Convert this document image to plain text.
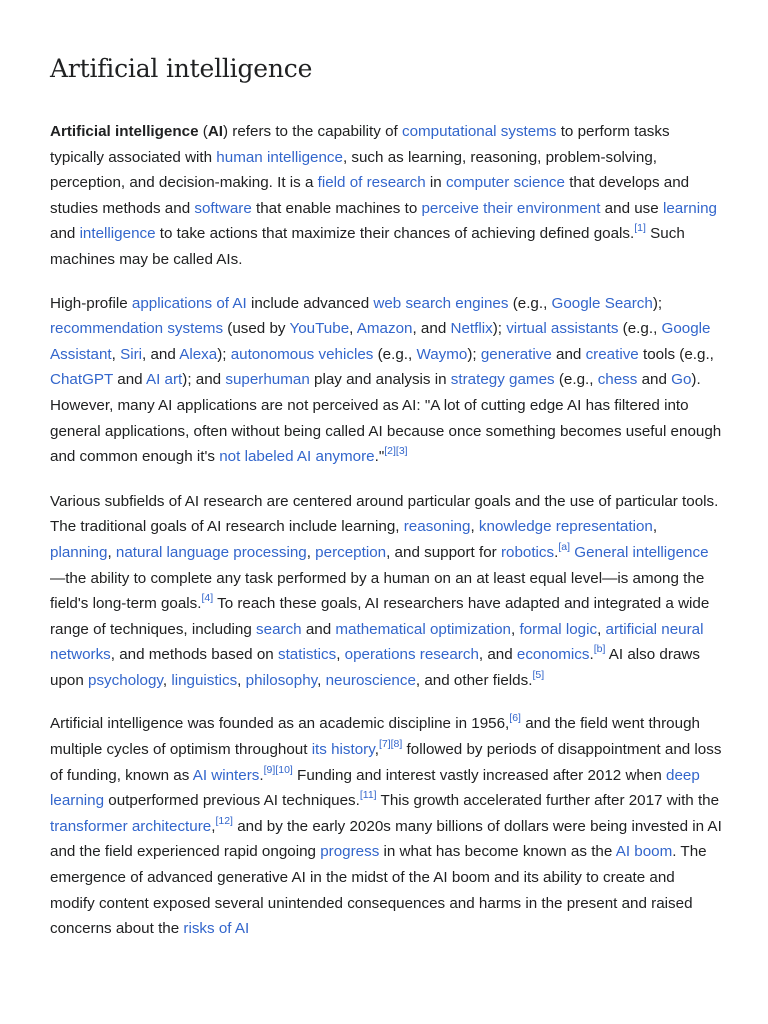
Artificial intelligence

Artificial intelligence (AI) refers to the capability of computational systems to perform tasks typically associated with human intelligence, such as learning, reasoning, problem-solving, perception, and decision-making. It is a field of research in computer science that develops and studies methods and software that enable machines to perceive their environment and use learning and intelligence to take actions that maximize their chances of achieving defined goals.[1] Such machines may be called AIs.

High-profile applications of AI include advanced web search engines (e.g., Google Search); recommendation systems (used by YouTube, Amazon, and Netflix); virtual assistants (e.g., Google Assistant, Siri, and Alexa); autonomous vehicles (e.g., Waymo); generative and creative tools (e.g., ChatGPT and AI art); and superhuman play and analysis in strategy games (e.g., chess and Go). However, many AI applications are not perceived as AI: "A lot of cutting edge AI has filtered into general applications, often without being called AI because once something becomes useful enough and common enough it's not labeled AI anymore."[2][3]

Various subfields of AI research are centered around particular goals and the use of particular tools. The traditional goals of AI research include learning, reasoning, knowledge representation, planning, natural language processing, perception, and support for robotics.[a] General intelligence—the ability to complete any task performed by a human on an at least equal level—is among the field's long-term goals.[4] To reach these goals, AI researchers have adapted and integrated a wide range of techniques, including search and mathematical optimization, formal logic, artificial neural networks, and methods based on statistics, operations research, and economics.[b] AI also draws upon psychology, linguistics, philosophy, neuroscience, and other fields.[5]

Artificial intelligence was founded as an academic discipline in 1956,[6] and the field went through multiple cycles of optimism throughout its history,[7][8] followed by periods of disappointment and loss of funding, known as AI winters.[9][10] Funding and interest vastly increased after 2012 when deep learning outperformed previous AI techniques.[11] This growth accelerated further after 2017 with the transformer architecture,[12] and by the early 2020s many billions of dollars were being invested in AI and the field experienced rapid ongoing progress in what has become known as the AI boom. The emergence of advanced generative AI in the midst of the AI boom and its ability to create and modify content exposed several unintended consequences and harms in the present and raised concerns about the risks of AI
